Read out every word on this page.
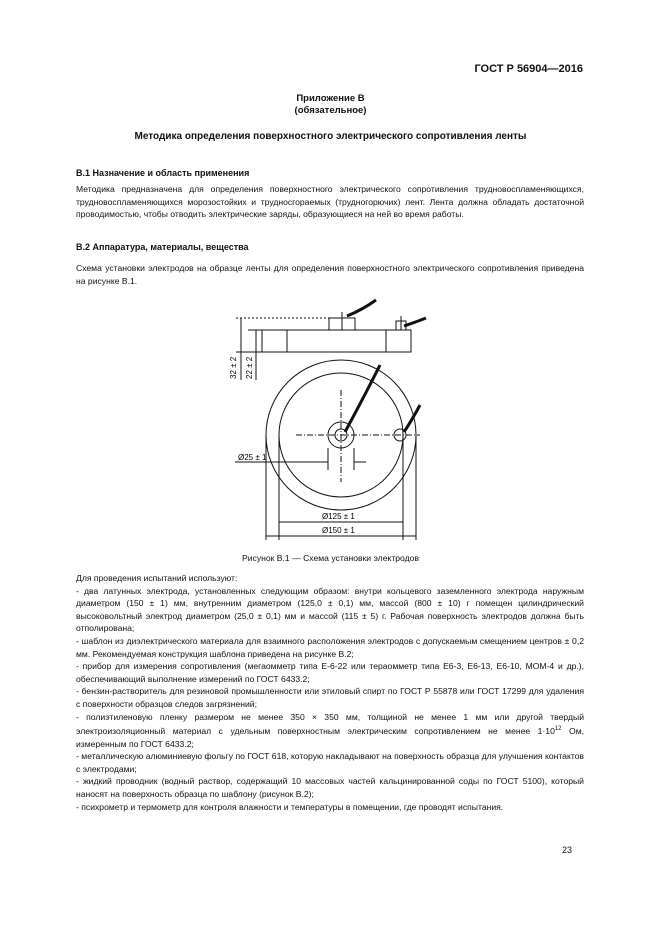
ГОСТ Р 56904—2016
Приложение В
(обязательное)
Методика определения поверхностного электрического сопротивления ленты
В.1 Назначение и область применения
Методика предназначена для определения поверхностного электрического сопротивления трудновоспламеняющихся, трудновоспламеняющихся морозостойких и трудносгораемых (трудногорючих) лент. Лента должна обладать достаточной проводимостью, чтобы отводить электрические заряды, образующиеся на ней во время работы.
В.2 Аппаратура, материалы, вещества
Схема установки электродов на образце ленты для определения поверхностного электрического сопротивления приведена на рисунке В.1.
32 ± 2 22 ± 2
Ø25 ± 1
Ø125 ± 1
Ø150 ± 1
Рисунок В.1 — Схема установки электродов

Для проведения испытаний используют:

- два латунных электрода, установленных следующим образом: внутри кольцевого заземленного электрода наружным диаметром (150 ± 1) мм, внутренним диаметром (125,0 ± 0,1) мм, массой (800 ± 10) г помещен цилиндрический высоковольтный электрод диаметром (25,0 ± 0,1) мм и массой (115 ± 5) г. Рабочая поверхность электродов должна быть отполирована;

- шаблон из диэлектрического материала для взаимного расположения электродов с допускаемым смещением центров ± 0,2 мм. Рекомендуемая конструкция шаблона приведена на рисунке В.2;

- прибор для измерения сопротивления (мегаомметр типа Е-6-22 или тераомметр типа Е6-3, Е6-13, Е6-10, МОМ-4 и др.), обеспечивающий выполнение измерений по ГОСТ 6433.2;

- бензин-растворитель для резиновой промышленности или этиловый спирт по ГОСТ Р 55878 или ГОСТ 17299 для удаления с поверхности образцов следов загрязнений;

- полиэтиленовую пленку размером не менее 350 × 350 мм, толщиной не менее 1 мм или другой твердый электроизоляционный материал с удельным поверхностным электрическим сопротивлением не менее $1\cdot 10^{12}$ Ом, измеренным по ГОСТ 6433.2;

- металлическую алюминиевую фольгу по ГОСТ 618, которую накладывают на поверхность образца для улучшения контактов с электродами;

- жидкий проводник (водный раствор, содержащий 10 массовых частей кальцинированной соды по ГОСТ 5100), который наносят на поверхность образца по шаблону (рисунок В.2);

- психрометр и термометр для контроля влажности и температуры в помещении, где проводят испытания.

23
